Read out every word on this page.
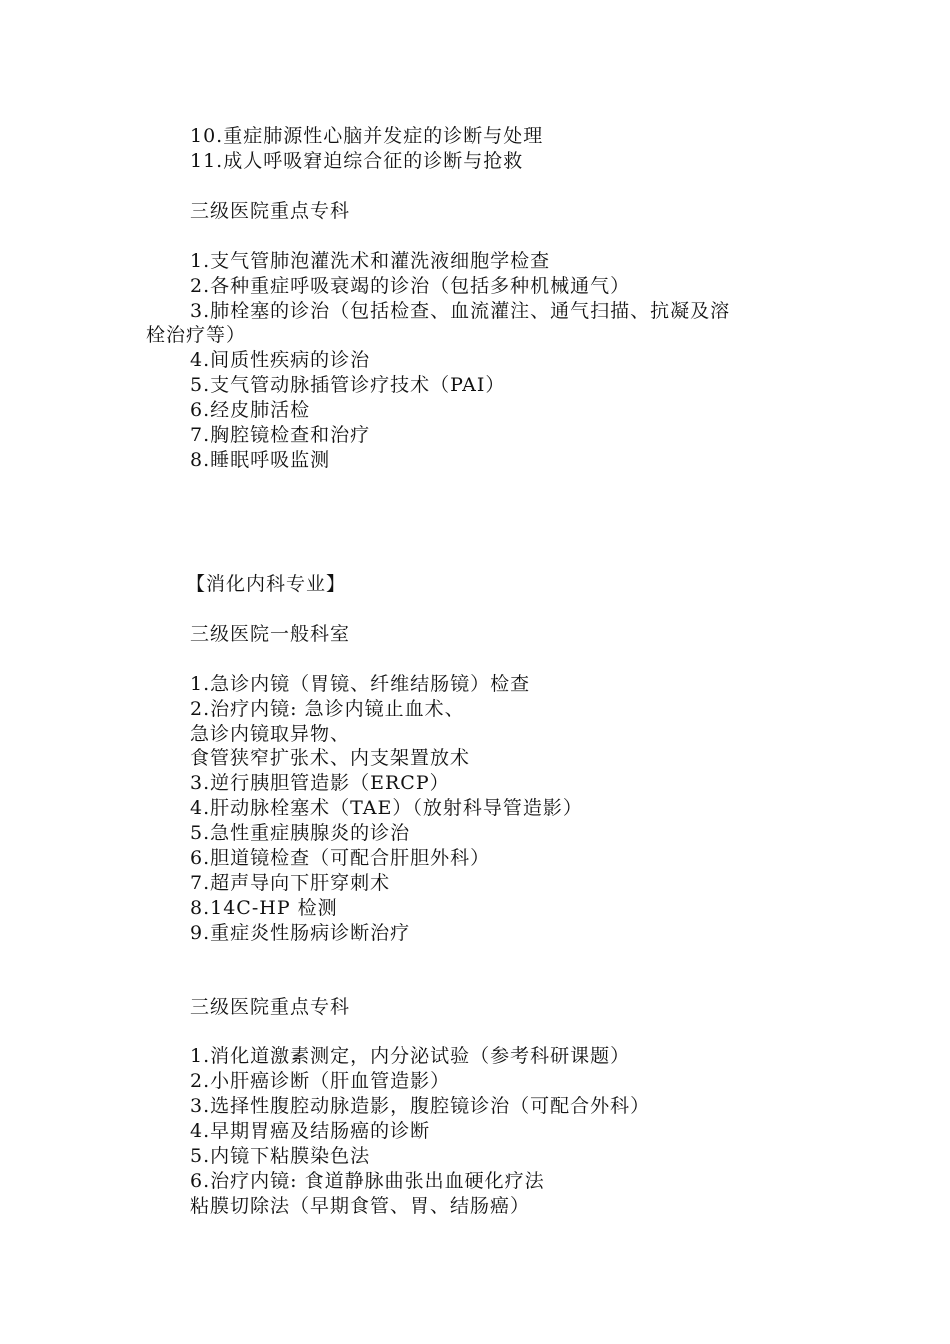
10.重症肺源性心脑并发症的诊断与处理
11.成人呼吸窘迫综合征的诊断与抢救
三级医院重点专科
1.支气管肺泡灌洗术和灌洗液细胞学检查
2.各种重症呼吸衰竭的诊治（包括多种机械通气）
3.肺栓塞的诊治（包括检查、血流灌注、通气扫描、抗凝及溶
栓治疗等）
4.间质性疾病的诊治
5.支气管动脉插管诊疗技术（PAI）
6.经皮肺活检
7.胸腔镜检查和治疗
8.睡眠呼吸监测
【消化内科专业】
三级医院一般科室
1.急诊内镜（胃镜、纤维结肠镜）检查
2.治疗内镜: 急诊内镜止血术、
急诊内镜取异物、
食管狭窄扩张术、内支架置放术
3.逆行胰胆管造影（ERCP）
4.肝动脉栓塞术（TAE）（放射科导管造影）
5.急性重症胰腺炎的诊治
6.胆道镜检查（可配合肝胆外科）
7.超声导向下肝穿刺术
8.14C-HP 检测
9.重症炎性肠病诊断治疗
三级医院重点专科
1.消化道激素测定，内分泌试验（参考科研课题）
2.小肝癌诊断（肝血管造影）
3.选择性腹腔动脉造影，腹腔镜诊治（可配合外科）
4.早期胃癌及结肠癌的诊断
5.内镜下粘膜染色法
6.治疗内镜: 食道静脉曲张出血硬化疗法
粘膜切除法（早期食管、胃、结肠癌）
